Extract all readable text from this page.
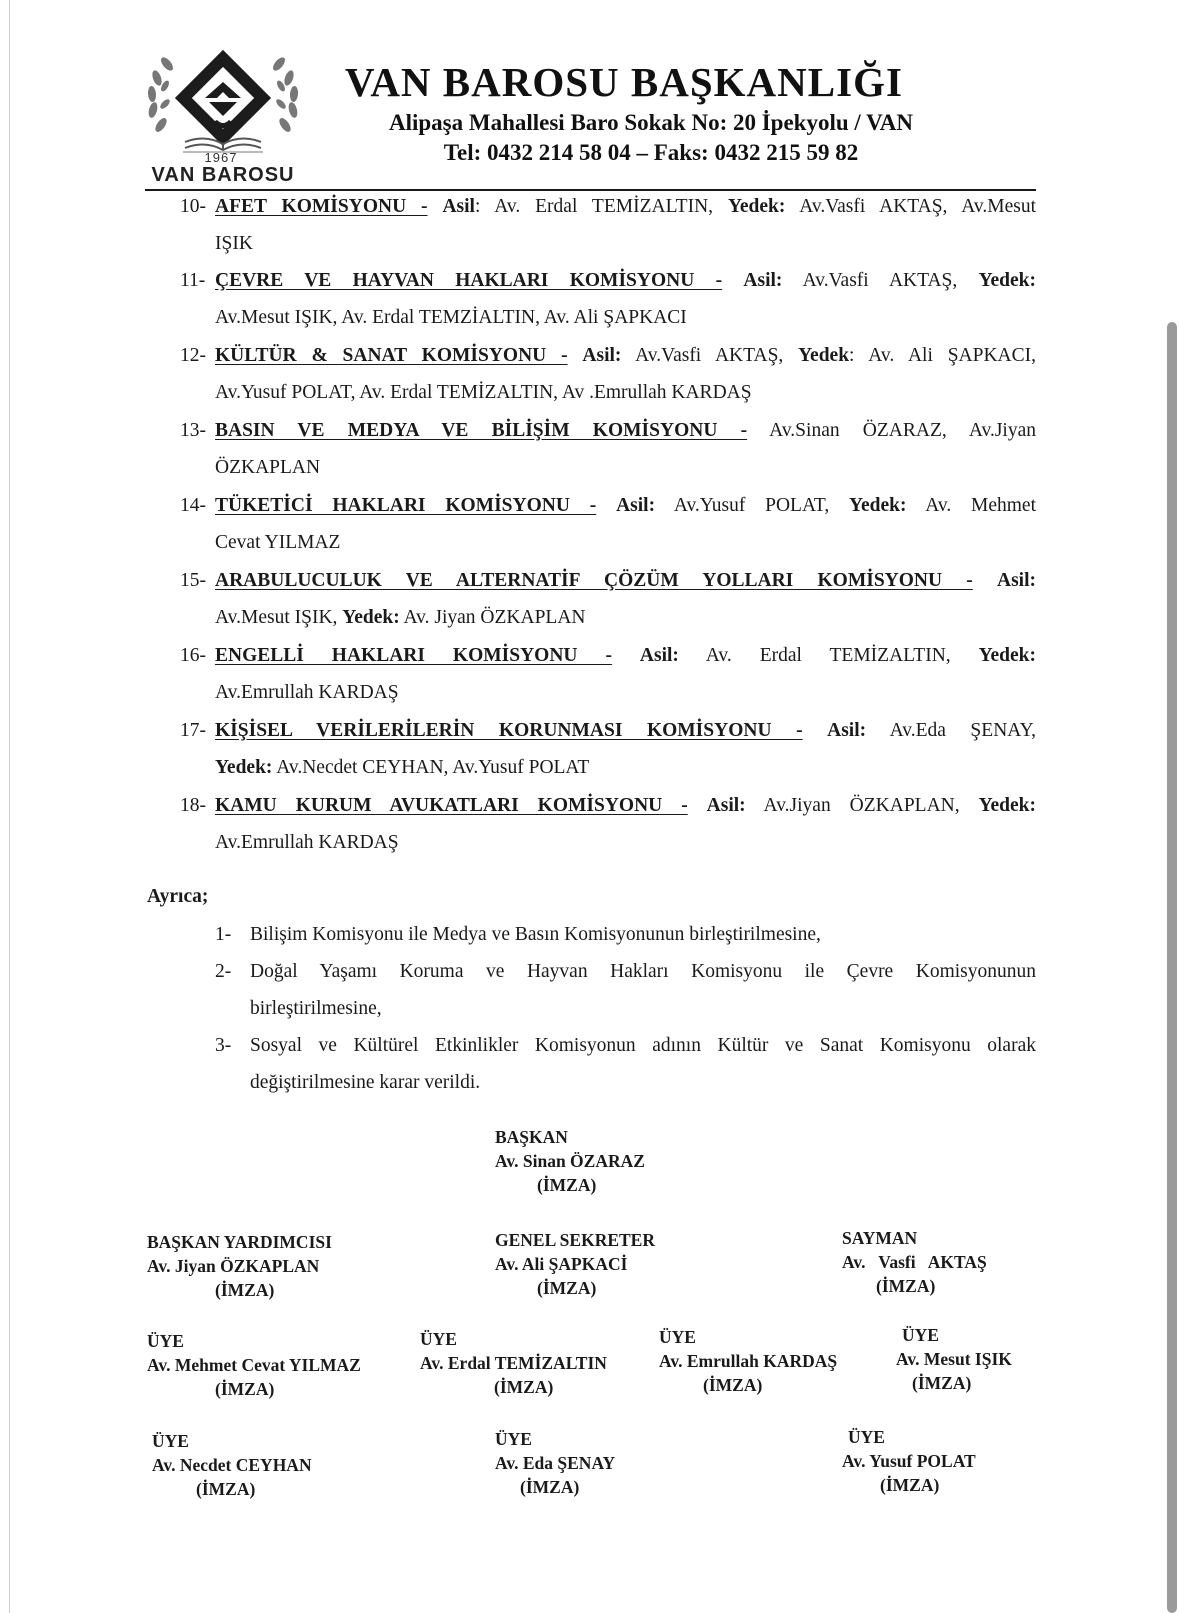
1967
VAN BAROSU
VAN BAROSU BAŞKANLIĞI
Alipaşa Mahallesi Baro Sokak No: 20 İpekyolu / VAN
Tel: 0432 214 58 04 – Faks: 0432 215 59 82
10- AFET KOMİSYONU - Asil: Av. Erdal TEMİZALTIN, Yedek: Av.Vasfi AKTAŞ, Av.Mesut
IŞIK
11- ÇEVRE VE HAYVAN HAKLARI KOMİSYONU - Asil: Av.Vasfi AKTAŞ, Yedek:
Av.Mesut IŞIK, Av. Erdal TEMZİALTIN, Av. Ali ŞAPKACI
12- KÜLTÜR & SANAT KOMİSYONU - Asil: Av.Vasfi AKTAŞ, Yedek: Av. Ali ŞAPKACI,
Av.Yusuf POLAT, Av. Erdal TEMİZALTIN, Av .Emrullah KARDAŞ
13- BASIN VE MEDYA VE BİLİŞİM KOMİSYONU - Av.Sinan ÖZARAZ, Av.Jiyan
ÖZKAPLAN
14- TÜKETİCİ HAKLARI KOMİSYONU - Asil: Av.Yusuf POLAT, Yedek: Av. Mehmet
Cevat YILMAZ
15- ARABULUCULUK VE ALTERNATİF ÇÖZÜM YOLLARI KOMİSYONU - Asil:
Av.Mesut IŞIK, Yedek: Av. Jiyan ÖZKAPLAN
16- ENGELLİ HAKLARI KOMİSYONU - Asil: Av. Erdal TEMİZALTIN, Yedek:
Av.Emrullah KARDAŞ
17- KİŞİSEL VERİLERİLERİN KORUNMASI KOMİSYONU - Asil: Av.Eda ŞENAY,
Yedek: Av.Necdet CEYHAN, Av.Yusuf POLAT
18- KAMU KURUM AVUKATLARI KOMİSYONU - Asil: Av.Jiyan ÖZKAPLAN, Yedek:
Av.Emrullah KARDAŞ
Ayrıca;
1- Bilişim Komisyonu ile Medya ve Basın Komisyonunun birleştirilmesine,
2- Doğal Yaşamı Koruma ve Hayvan Hakları Komisyonu ile Çevre Komisyonunun
birleştirilmesine,
3- Sosyal ve Kültürel Etkinlikler Komisyonun adının Kültür ve Sanat Komisyonu olarak
değiştirilmesine karar verildi.
BAŞKAN
Av. Sinan ÖZARAZ
(İMZA)
BAŞKAN YARDIMCISI
Av. Jiyan ÖZKAPLAN
(İMZA)
GENEL SEKRETER
Av. Ali ŞAPKACİ
(İMZA)
SAYMAN
Av.   Vasfi   AKTAŞ
(İMZA)
ÜYE
Av. Mehmet Cevat YILMAZ
(İMZA)
ÜYE
Av. Erdal TEMİZALTIN
(İMZA)
ÜYE
Av. Emrullah KARDAŞ
(İMZA)
ÜYE
Av. Mesut IŞIK
(İMZA)
ÜYE
Av. Necdet CEYHAN
(İMZA)
ÜYE
Av. Eda ŞENAY
(İMZA)
ÜYE
Av. Yusuf POLAT
(İMZA)
